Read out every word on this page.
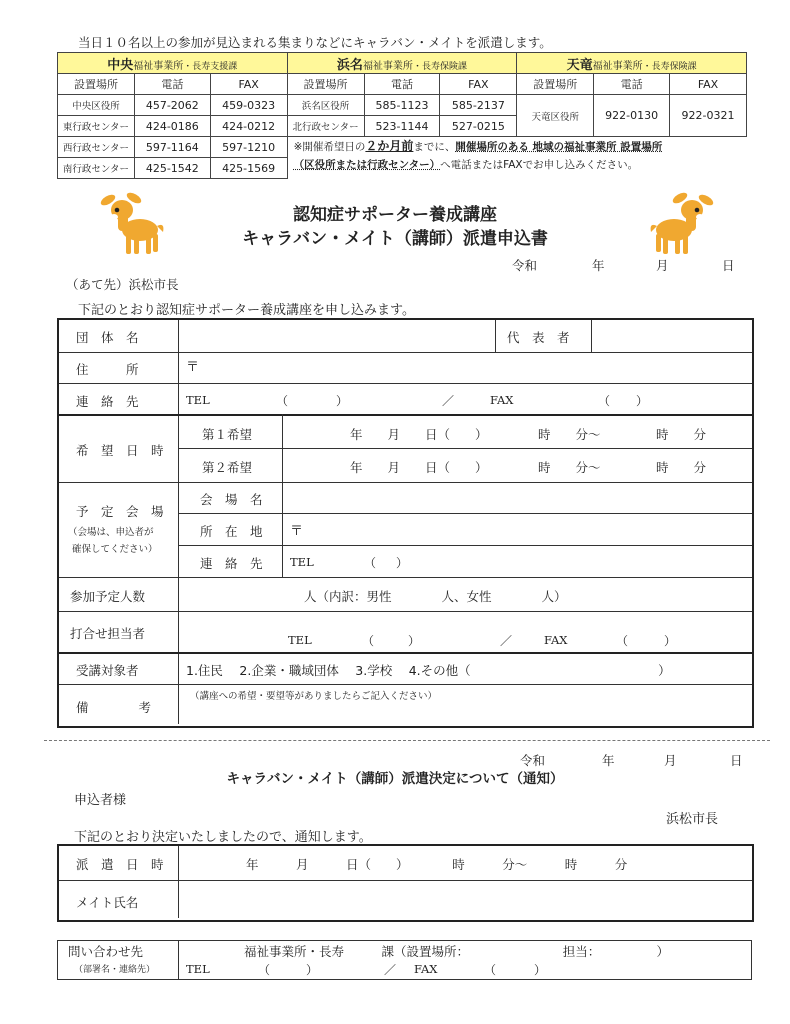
当日１０名以上の参加が見込まれる集まりなどにキャラバン・メイトを派遣します。
中央福祉事業所・長寿支援課			浜名福祉事業所・長寿保険課			天竜福祉事業所・長寿保険課		
設置場所	電話	FAX	設置場所	電話	FAX	設置場所	電話	FAX
中央区役所	457-2062	459-0323	浜名区役所	585-1123	585-2137	天竜区役所	922-0130	922-0321
東行政センター	424-0186	424-0212	北行政センター	523-1144	527-0215			
西行政センター	597-1164	597-1210	※開催希望日の２か月前までに、開催場所のある 地域の福祉事業所 設置場所
（区役所または行政センター）へ電話またはFAXでお申し込みください。					

南行政センター	425-1542	425-1569						
認知症サポーター養成講座
キャラバン・メイト（講師）派遣申込書
令和	年	月	日
（あて先）浜松市長
下記のとおり認知症サポーター養成講座を申し込みます。
団　体　名	代　表　者
住　　　所	〒
連　絡　先	TEL	（	）	／	FAX	（ ）
希　望　日　時
第１希望	年　　月　　日（　　）	時　　分～	時　　分
第２希望	年　　月　　日（　　）	時　　分～	時　　分
予　定　会　場
（会場は、申込者が
確保してください）
会　場　名
所　在　地 〒
連　絡　先 TEL	（ ）
参加予定人数	人（内訳：男性　　　　人、女性　　　　人）
打合せ担当者	TEL	（	）	／	FAX	（	）
受講対象者	1.住民　 2.企業・職域団体　 3.学校　 4.その他（　　　　　　　　　　　　　　　）
備　　　　考
（講座への希望・要望等がありましたらご記入ください）
令和	年	月	日
キャラバン・メイト（講師）派遣決定について（通知）
申込者様
浜松市長
下記のとおり決定いたしましたので、通知します。
派　遣　日　時	年　　　月　　　日（　　）　　　　時　　　分～　　　時　　　分
メイト氏名
問い合わせ先
（部署名・連絡先）
福祉事業所・長寿　　　課（設置場所：　　　　　　　　担当：　　　　　）
TEL	（	）	／ FAX	（	）
